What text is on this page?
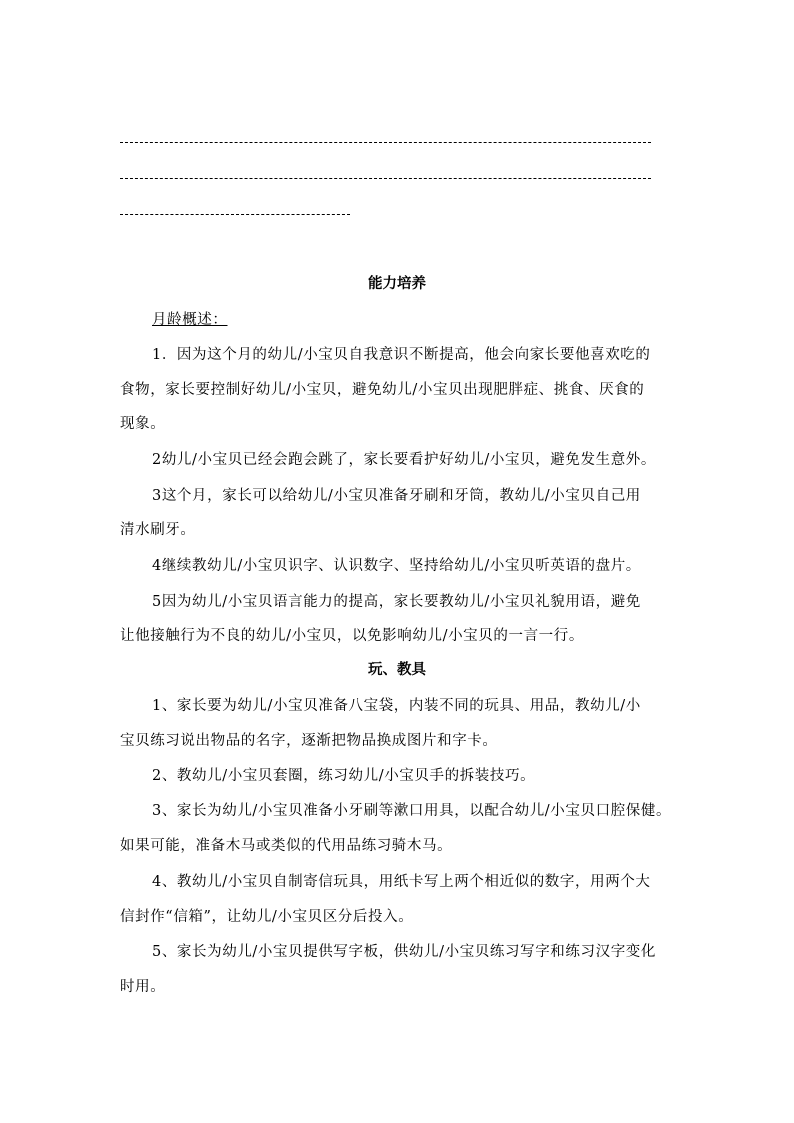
能力培养
月龄概述：
1．因为这个月的幼儿/小宝贝自我意识不断提高，他会向家长要他喜欢吃的
食物，家长要控制好幼儿/小宝贝，避免幼儿/小宝贝出现肥胖症、挑食、厌食的
现象。
2幼儿/小宝贝已经会跑会跳了，家长要看护好幼儿/小宝贝，避免发生意外。
3这个月，家长可以给幼儿/小宝贝准备牙刷和牙筒，教幼儿/小宝贝自己用
清水刷牙。
4继续教幼儿/小宝贝识字、认识数字、坚持给幼儿/小宝贝听英语的盘片。
5因为幼儿/小宝贝语言能力的提高，家长要教幼儿/小宝贝礼貌用语，避免
让他接触行为不良的幼儿/小宝贝，以免影响幼儿/小宝贝的一言一行。
玩、教具
1、家长要为幼儿/小宝贝准备八宝袋，内装不同的玩具、用品，教幼儿/小
宝贝练习说出物品的名字，逐渐把物品换成图片和字卡。
2、教幼儿/小宝贝套圈，练习幼儿/小宝贝手的拆装技巧。
3、家长为幼儿/小宝贝准备小牙刷等漱口用具，以配合幼儿/小宝贝口腔保健。
如果可能，准备木马或类似的代用品练习骑木马。
4、教幼儿/小宝贝自制寄信玩具，用纸卡写上两个相近似的数字，用两个大
信封作“信箱”，让幼儿/小宝贝区分后投入。
5、家长为幼儿/小宝贝提供写字板，供幼儿/小宝贝练习写字和练习汉字变化
时用。
